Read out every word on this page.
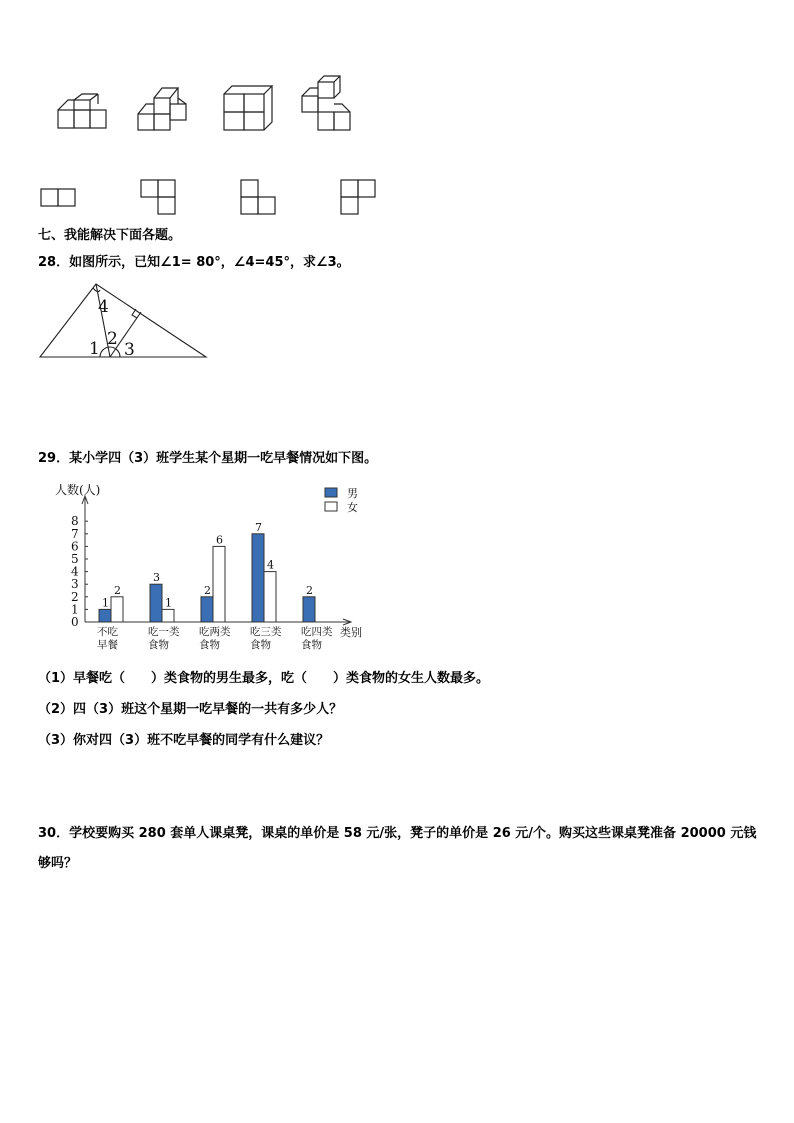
七、我能解决下面各题。
28．如图所示，已知∠1= 80°，∠4=45°，求∠3。
4
1 2
3
29．某小学四（3）班学生某个星期一吃早餐情况如下图。
0
1
2
3
4
5
6
7
8
人数(人)
类别
1
2
不吃
早餐
3
1
吃一类
食物
2
6
吃两类
食物
7
4
吃三类
食物
2
吃四类
食物
男
女
（1）早餐吃（　　）类食物的男生最多，吃（　　）类食物的女生人数最多。
（2）四（3）班这个星期一吃早餐的一共有多少人？
（3）你对四（3）班不吃早餐的同学有什么建议？
30．学校要购买 280 套单人课桌凳，课桌的单价是 58 元/张，凳子的单价是 26 元/个。购买这些课桌凳准备 20000 元钱
够吗？
